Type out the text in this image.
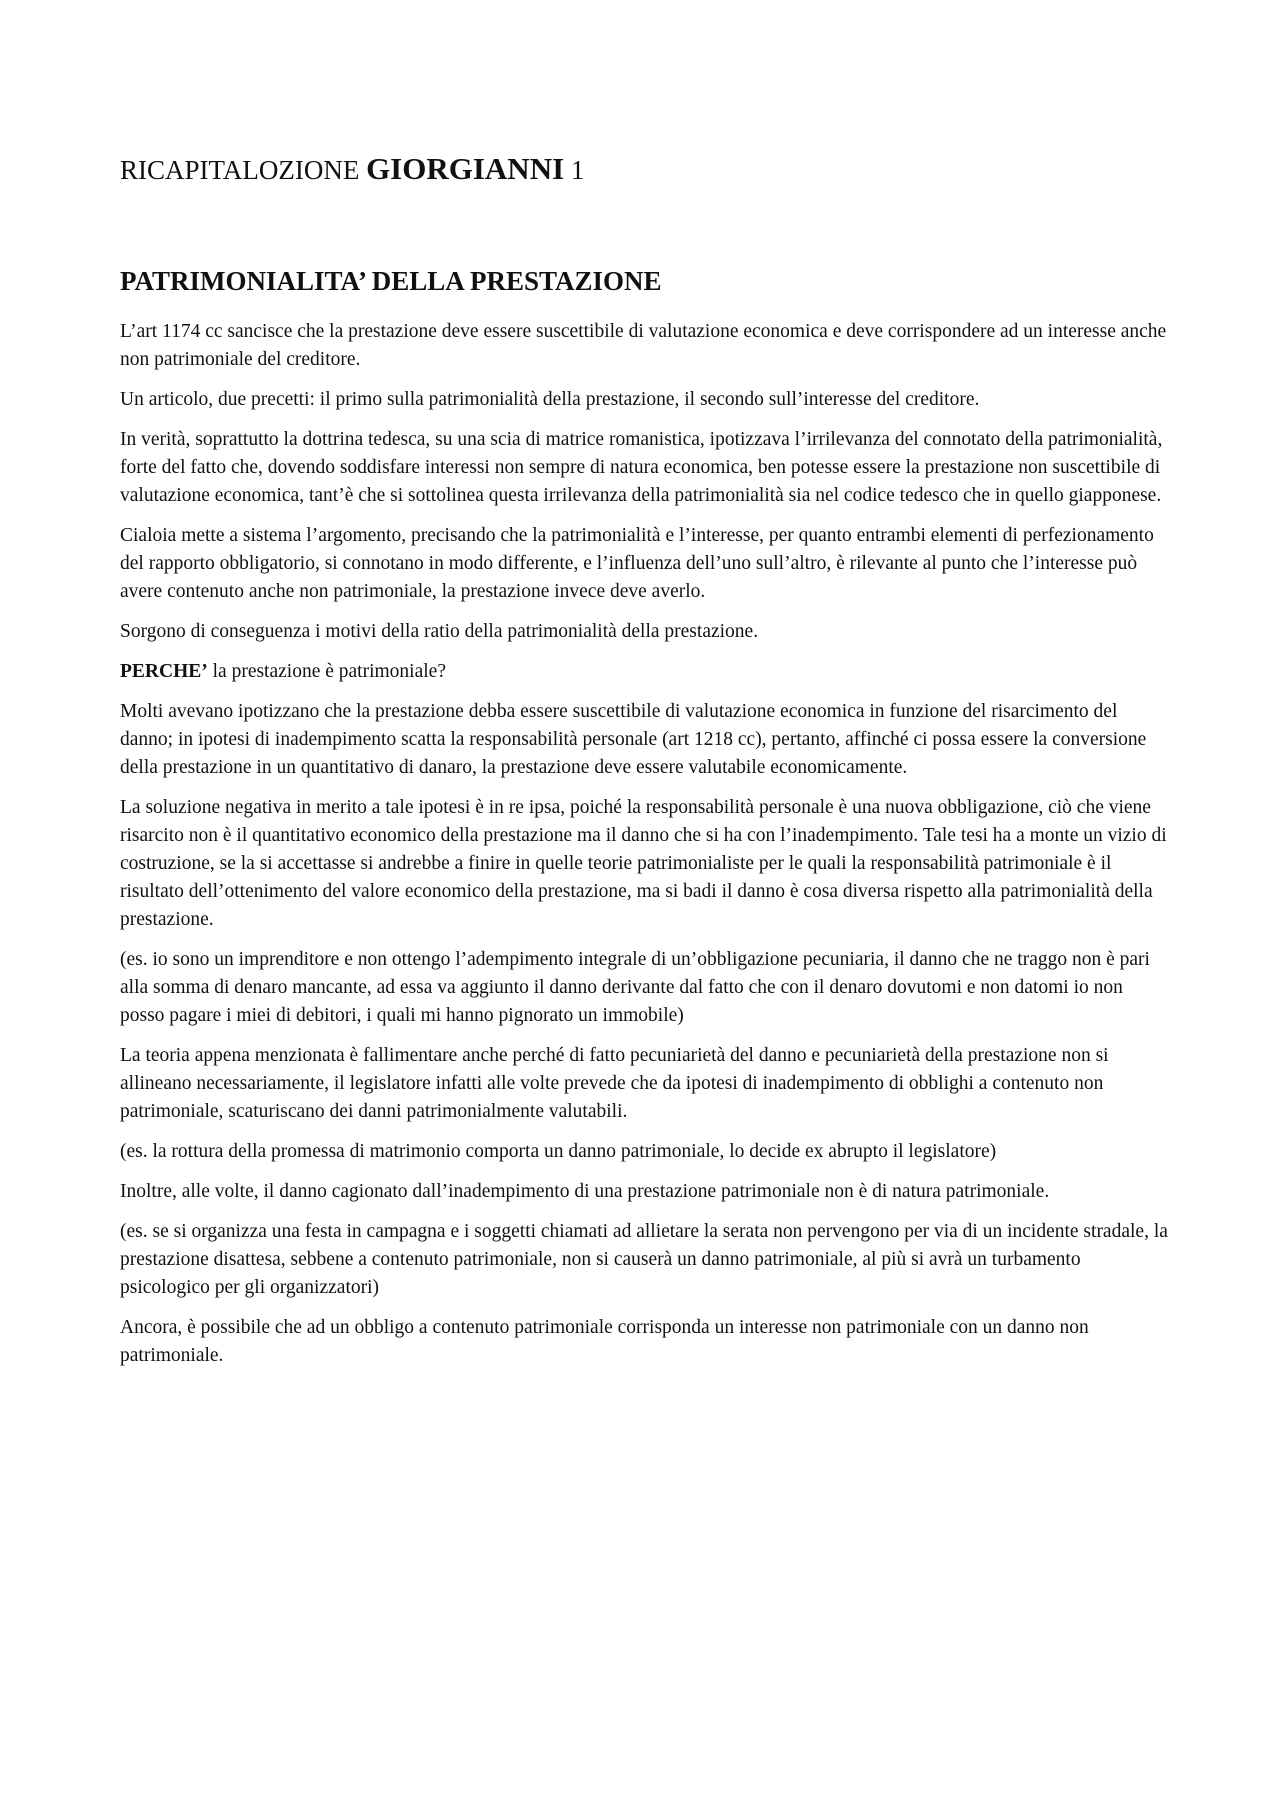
RICAPITALOZIONE GIORGIANNI 1
PATRIMONIALITA’ DELLA PRESTAZIONE

L’art 1174 cc sancisce che la prestazione deve essere suscettibile di valutazione economica e deve corrispondere ad un interesse anche non patrimoniale del creditore.

Un articolo, due precetti: il primo sulla patrimonialità della prestazione, il secondo sull’interesse del creditore.

In verità, soprattutto la dottrina tedesca, su una scia di matrice romanistica, ipotizzava l’irrilevanza del connotato della patrimonialità, forte del fatto che, dovendo soddisfare interessi non sempre di natura economica, ben potesse essere la prestazione non suscettibile di valutazione economica, tant’è che si sottolinea questa irrilevanza della patrimonialità sia nel codice tedesco che in quello giapponese.

Cialoia mette a sistema l’argomento, precisando che la patrimonialità e l’interesse, per quanto entrambi elementi di perfezionamento del rapporto obbligatorio, si connotano in modo differente, e l’influenza dell’uno sull’altro, è rilevante al punto che l’interesse può avere contenuto anche non patrimoniale, la prestazione invece deve averlo.

Sorgono di conseguenza i motivi della ratio della patrimonialità della prestazione.

PERCHE’ la prestazione è patrimoniale?

Molti avevano ipotizzano che la prestazione debba essere suscettibile di valutazione economica in funzione del risarcimento del danno; in ipotesi di inadempimento scatta la responsabilità personale (art 1218 cc), pertanto, affinché ci possa essere la conversione della prestazione in un quantitativo di danaro, la prestazione deve essere valutabile economicamente.

La soluzione negativa in merito a tale ipotesi è in re ipsa, poiché la responsabilità personale è una nuova obbligazione, ciò che viene risarcito non è il quantitativo economico della prestazione ma il danno che si ha con l’inadempimento. Tale tesi ha a monte un vizio di costruzione, se la si accettasse si andrebbe a finire in quelle teorie patrimonialiste per le quali la responsabilità patrimoniale è il risultato dell’ottenimento del valore economico della prestazione, ma si badi il danno è cosa diversa rispetto alla patrimonialità della prestazione.

(es. io sono un imprenditore e non ottengo l’adempimento integrale di un’obbligazione pecuniaria, il danno che ne traggo non è pari alla somma di denaro mancante, ad essa va aggiunto il danno derivante dal fatto che con il denaro dovutomi e non datomi io non posso pagare i miei di debitori, i quali mi hanno pignorato un immobile)

La teoria appena menzionata è fallimentare anche perché di fatto pecuniarietà del danno e pecuniarietà della prestazione non si allineano necessariamente, il legislatore infatti alle volte prevede che da ipotesi di inadempimento di obblighi a contenuto non patrimoniale, scaturiscano dei danni patrimonialmente valutabili.

(es. la rottura della promessa di matrimonio comporta un danno patrimoniale, lo decide ex abrupto il legislatore)

Inoltre, alle volte, il danno cagionato dall’inadempimento di una prestazione patrimoniale non è di natura patrimoniale.

(es. se si organizza una festa in campagna e i soggetti chiamati ad allietare la serata non pervengono per via di un incidente stradale, la prestazione disattesa, sebbene a contenuto patrimoniale, non si causerà un danno patrimoniale, al più si avrà un turbamento psicologico per gli organizzatori)

Ancora, è possibile che ad un obbligo a contenuto patrimoniale corrisponda un interesse non patrimoniale con un danno non patrimoniale.
